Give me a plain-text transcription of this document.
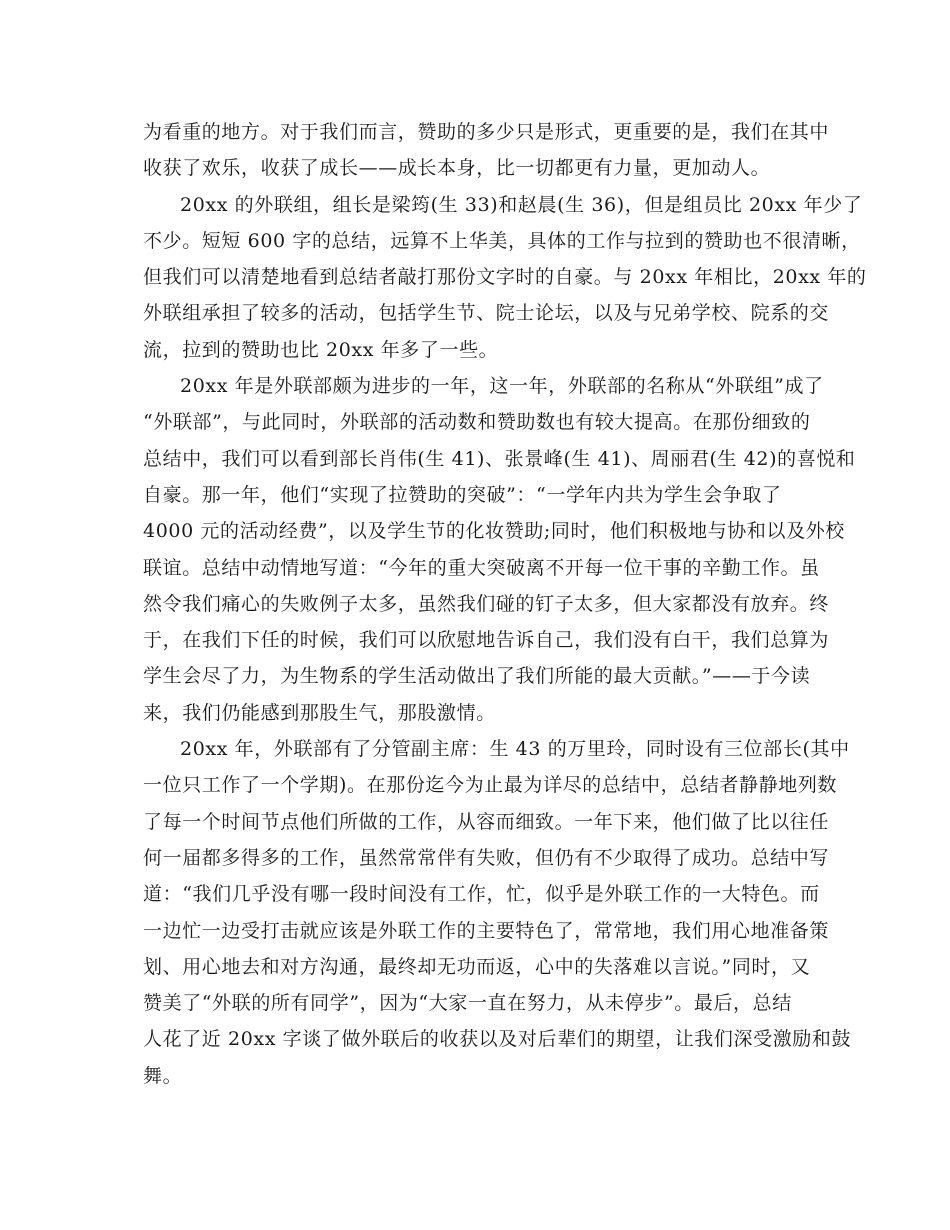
为看重的地方。对于我们而言，赞助的多少只是形式，更重要的是，我们在其中
收获了欢乐，收获了成长——成长本身，比一切都更有力量，更加动人。
20xx 的外联组，组长是梁筠(生 33)和赵晨(生 36)，但是组员比 20xx 年少了
不少。短短 600 字的总结，远算不上华美，具体的工作与拉到的赞助也不很清晰，
但我们可以清楚地看到总结者敲打那份文字时的自豪。与 20xx 年相比，20xx 年的
外联组承担了较多的活动，包括学生节、院士论坛，以及与兄弟学校、院系的交
流，拉到的赞助也比 20xx 年多了一些。
20xx 年是外联部颇为进步的一年，这一年，外联部的名称从“外联组”成了
“外联部”，与此同时，外联部的活动数和赞助数也有较大提高。在那份细致的
总结中，我们可以看到部长肖伟(生 41)、张景峰(生 41)、周丽君(生 42)的喜悦和
自豪。那一年，他们“实现了拉赞助的突破”：“一学年内共为学生会争取了
4000 元的活动经费”，以及学生节的化妆赞助;同时，他们积极地与协和以及外校
联谊。总结中动情地写道：“今年的重大突破离不开每一位干事的辛勤工作。虽
然令我们痛心的失败例子太多，虽然我们碰的钉子太多，但大家都没有放弃。终
于，在我们下任的时候，我们可以欣慰地告诉自己，我们没有白干，我们总算为
学生会尽了力，为生物系的学生活动做出了我们所能的最大贡献。”——于今读
来，我们仍能感到那股生气，那股激情。
20xx 年，外联部有了分管副主席：生 43 的万里玲，同时设有三位部长(其中
一位只工作了一个学期)。在那份迄今为止最为详尽的总结中，总结者静静地列数
了每一个时间节点他们所做的工作，从容而细致。一年下来，他们做了比以往任
何一届都多得多的工作，虽然常常伴有失败，但仍有不少取得了成功。总结中写
道：“我们几乎没有哪一段时间没有工作，忙，似乎是外联工作的一大特色。而
一边忙一边受打击就应该是外联工作的主要特色了，常常地，我们用心地准备策
划、用心地去和对方沟通，最终却无功而返，心中的失落难以言说。”同时，又
赞美了“外联的所有同学”，因为“大家一直在努力，从未停步”。最后，总结
人花了近 20xx 字谈了做外联后的收获以及对后辈们的期望，让我们深受激励和鼓
舞。
